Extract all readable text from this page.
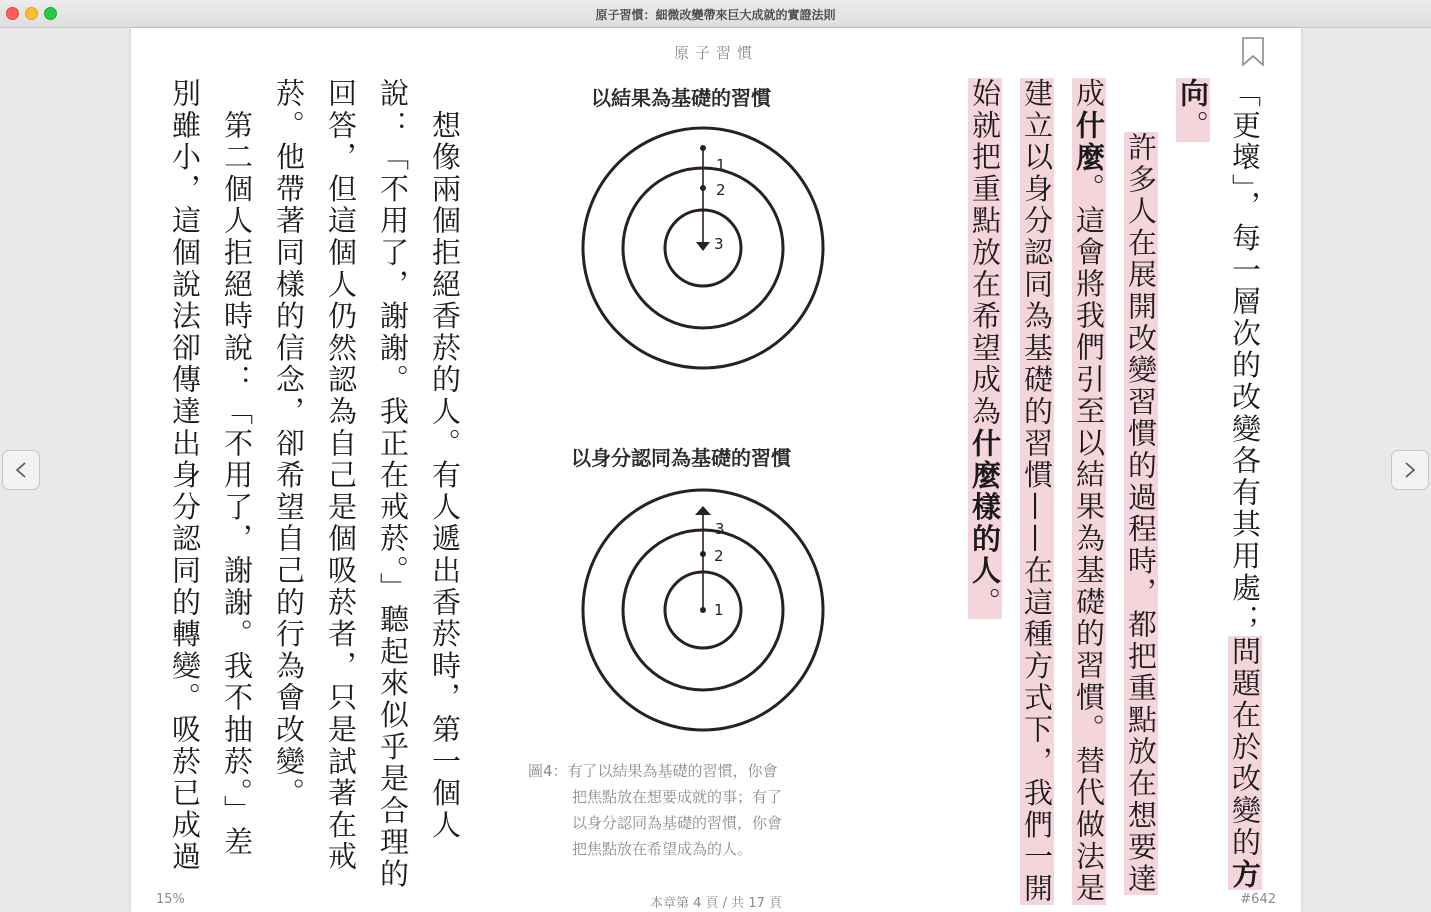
原子習慣：細微改變帶來巨大成就的實證法則
原子習慣
「更壞」，每一層次的改變各有其用處；問題在於改變的方
向。
許多人在展開改變習慣的過程時，都把重點放在想要達
成什麼。這會將我們引至以結果為基礎的習慣。替代做法是
建立以身分認同為基礎的習慣——在這種方式下，我們一開
始就把重點放在希望成為什麼樣的人。
以結果為基礎的習慣
1
2
3
以身分認同為基礎的習慣
3
2
1
圖4：有了以結果為基礎的習慣，你會
把焦點放在想要成就的事；有了
以身分認同為基礎的習慣，你會
把焦點放在希望成為的人。
　想像兩個拒絕香菸的人。有人遞出香菸時，第一個人
說：「不用了，謝謝。我正在戒菸。」聽起來似乎是合理的
回答，但這個人仍然認為自己是個吸菸者，只是試著在戒
菸。他帶著同樣的信念，卻希望自己的行為會改變。
　第二個人拒絕時說：「不用了，謝謝。我不抽菸。」差
別雖小，這個說法卻傳達出身分認同的轉變。吸菸已成過
15%	本章第 4 頁 / 共 17 頁	#642
